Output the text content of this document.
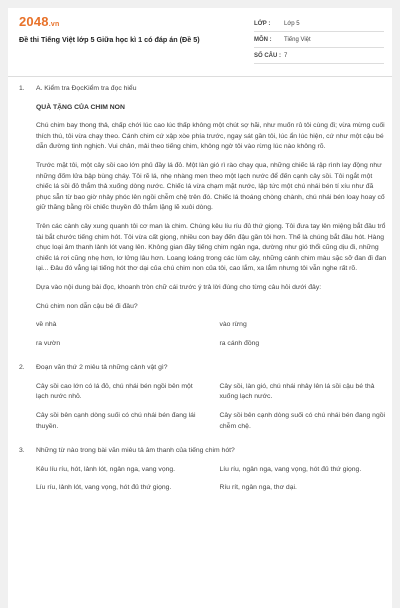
2048.vn
Đề thi Tiếng Việt lớp 5 Giữa học kì 1 có đáp án (Đề 5)
LỚP :	Lớp 5
MÔN :	Tiếng Việt
SỐ CÂU : 7
1. A. Kiểm tra ĐọcKiểm tra đọc hiểu
QUÀ TẶNG CỦA CHIM NON
Chú chim bay thong thả, chấp chới lúc cao lúc thấp không một chút sợ hãi, như muốn rủ tôi cùng đi; vừa mừng cuối thích thú, tôi vừa chạy theo. Cánh chim cứ xập xòe phía trước, ngay sát gần tôi, lúc ẩn lúc hiện, cứ như một cậu bé dẫn đường tinh nghịch. Vui chân, mải theo tiếng chim, không ngờ tôi vào rừng lúc nào không rõ.
Trước mặt tôi, một cây sồi cao lớn phủ đầy lá đỏ. Một làn gió rì rào chạy qua, những chiếc lá rập rình lay động như những đốm lửa bập bùng cháy. Tôi rẽ lá, nhẹ nhàng men theo một lạch nước để đến cạnh cây sồi. Tôi ngắt một chiếc lá sồi đỏ thắm thả xuống dòng nước. Chiếc lá vừa chạm mặt nước, lập tức một chú nhái bén tí xíu như đã phục sẵn từ bao giờ nhảy phóc lên ngồi chễm chệ trên đó. Chiếc lá thoáng chòng chành, chú nhái bén loay hoay cố giữ thăng bằng rồi chiếc thuyền đỏ thắm lặng lẽ xuôi dòng.
Trên các cành cây xung quanh tôi cơ man là chim. Chúng kêu líu ríu đủ thứ giọng. Tôi đưa tay lên miệng bắt đầu trổ tài bắt chước tiếng chim hót. Tôi vừa cất giọng, nhiều con bay đến đậu gần tôi hơn. Thế là chúng bắt đầu hót. Hàng chục loại âm thanh lảnh lót vang lên. Không gian đầy tiếng chim ngân nga, dường như gió thổi cũng dịu đi, những chiếc lá rơi cũng nhẹ hơn, lơ lửng lâu hơn. Loang loáng trong các lùm cây, những cánh chim màu sặc sỡ đan đi đan lại... Đâu đó vẳng lại tiếng hót thơ dại của chú chim non của tôi, cao lắm, xa lắm nhưng tôi vẫn nghe rất rõ.
Dựa vào nội dung bài đọc, khoanh tròn chữ cái trước ý trả lời đúng cho từng câu hỏi dưới đây:
Chú chim non dẫn cậu bé đi đâu?
về nhà	vào rừng
ra vườn	ra cánh đồng
2. Đoạn văn thứ 2 miêu tả những cảnh vật gì?
Cây sồi cao lớn có lá đỏ, chú nhái bén ngồi bên một lạch nước nhỏ.
Cây sồi, làn gió, chú nhái nhảy lên lá sồi cậu bé thả xuống lạch nước.
Cây sồi bên cạnh dòng suối có chú nhái bén đang lái thuyền.
Cây sồi bên cạnh dòng suối có chú nhái bén đang ngồi chễm chệ.
3. Những từ nào trong bài văn miêu tả âm thanh của tiếng chim hót?
Kêu líu ríu, hót, lảnh lót, ngân nga, vang vọng.	Líu ríu, ngân nga, vang vọng, hót đủ thứ giọng.
Líu ríu, lảnh lót, vang vọng, hót đủ thứ giọng.	Ríu rít, ngân nga, thơ dại.
